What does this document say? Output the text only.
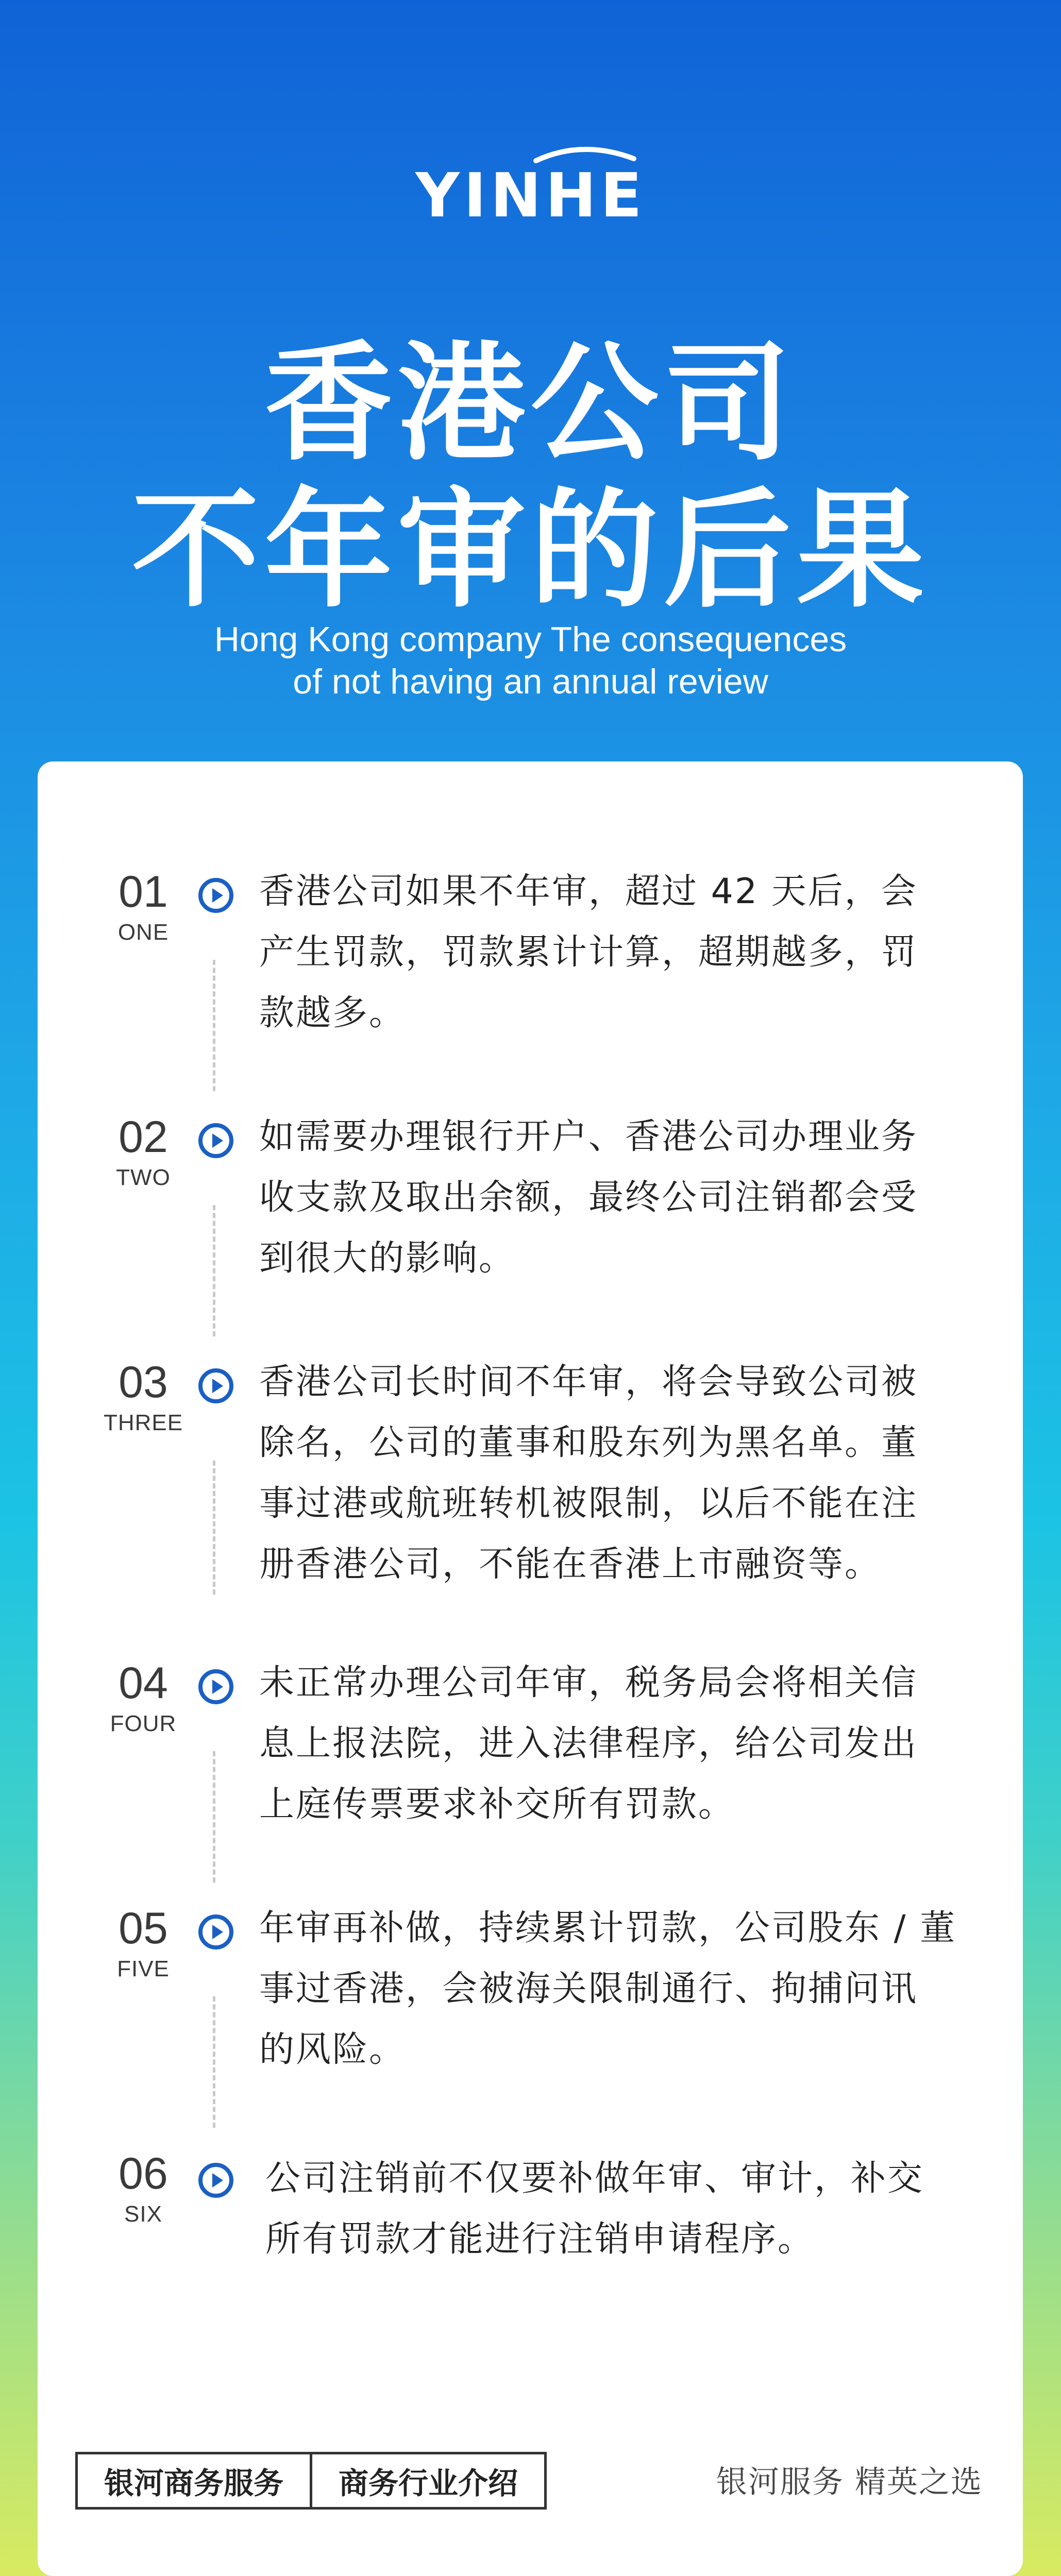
YINHE
香港公司
不年审的后果
Hong Kong company The consequences
of not having an annual review
01
ONE
香港公司如果不年审，超过 42 天后，会
产生罚款，罚款累计计算，超期越多，罚
款越多。
02
TWO
如需要办理银行开户、香港公司办理业务
收支款及取出余额，最终公司注销都会受
到很大的影响。
03
THREE
香港公司长时间不年审，将会导致公司被
除名，公司的董事和股东列为黑名单。董
事过港或航班转机被限制，以后不能在注
册香港公司，不能在香港上市融资等。
04
FOUR
未正常办理公司年审，税务局会将相关信
息上报法院，进入法律程序，给公司发出
上庭传票要求补交所有罚款。
05
FIVE
年审再补做，持续累计罚款，公司股东 / 董
事过香港，会被海关限制通行、拘捕问讯
的风险。
06
SIX
公司注销前不仅要补做年审、审计，补交
所有罚款才能进行注销申请程序。
银河商务服务	商务行业介绍	银河服务 精英之选
